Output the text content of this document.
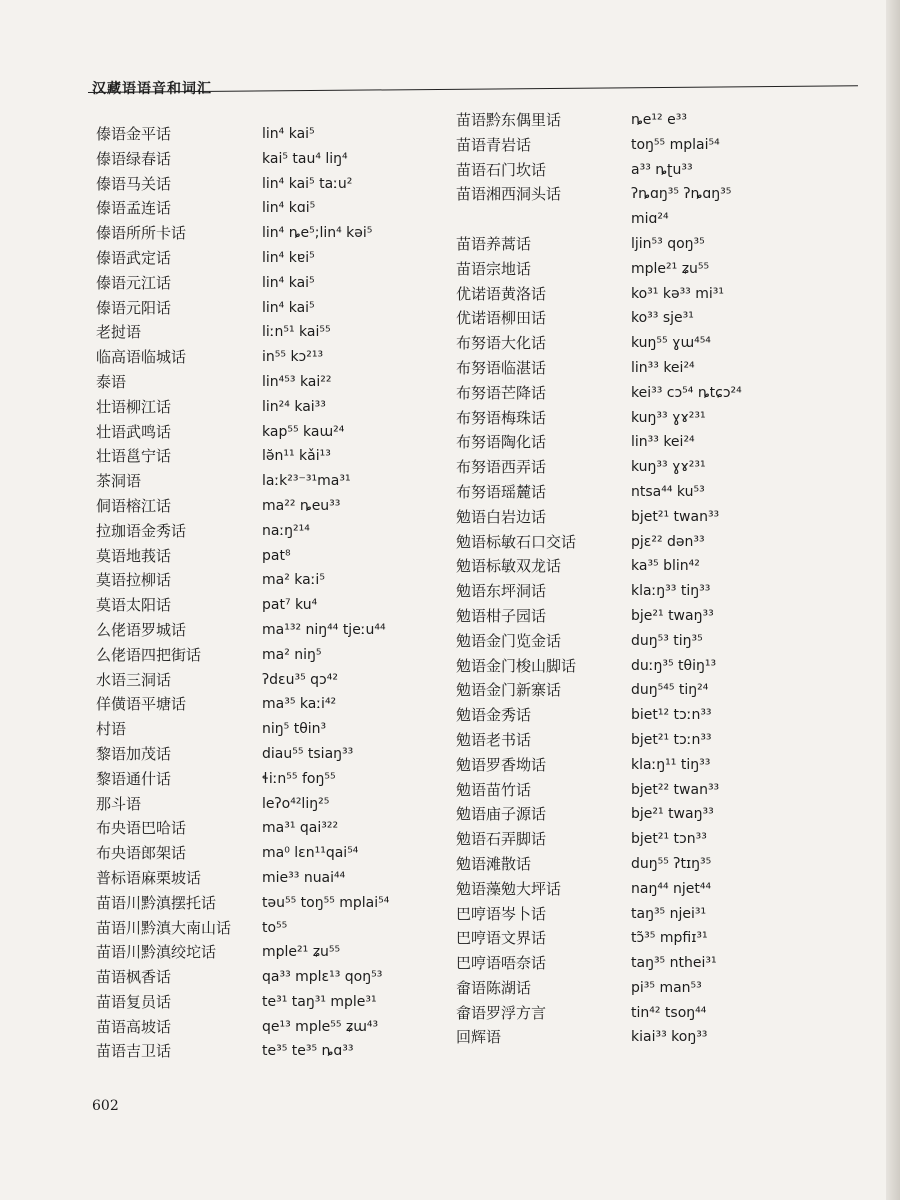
汉藏语语音和词汇
傣语金平话
傣语绿春话
傣语马关话
傣语孟连话
傣语所所卡话
傣语武定话
傣语元江话
傣语元阳话
老挝语
临高语临城话
泰语
壮语柳江话
壮语武鸣话
壮语邕宁话
茶洞语
侗语榕江话
拉珈语金秀话
莫语地莪话
莫语拉柳话
莫语太阳话
么佬语罗城话
么佬语四把街话
水语三洞话
佯僙语平塘话
村语
黎语加茂话
黎语通什话
那斗语
布央语巴哈话
布央语郎架话
普标语麻栗坡话
苗语川黔滇摆托话
苗语川黔滇大南山话
苗语川黔滇绞坨话
苗语枫香话
苗语复员话
苗语高坡话
苗语吉卫话
lin⁴ kai⁵
kai⁵ tau⁴ liŋ⁴
lin⁴ kai⁵ taːu²
lin⁴ kɑi⁵
lin⁴ ȵe⁵;lin⁴ kəi⁵
lin⁴ kɐi⁵
lin⁴ kai⁵
lin⁴ kai⁵
liːn⁵¹ kai⁵⁵
in⁵⁵ kɔ²¹³
lin⁴⁵³ kai²²
lin²⁴ kai³³
kap⁵⁵ kaɯ²⁴
lə̆n¹¹ kǎi¹³
laːk²³⁻³¹ma³¹
ma²² ȵeu³³
naːŋ²¹⁴
pat⁸
ma² kaːi⁵
pat⁷ ku⁴
ma¹³² niŋ⁴⁴ tjeːu⁴⁴
ma² niŋ⁵
ʔdɛu³⁵ qɔ⁴²
ma³⁵ kaːi⁴²
niŋ⁵ tθin³
diau⁵⁵ tsiaŋ³³
ɬiːn⁵⁵ foŋ⁵⁵
leʔo⁴²liŋ²⁵
ma³¹ qai³²²
ma⁰ lɛn¹¹qai⁵⁴
mie³³ nuai⁴⁴
tǝu⁵⁵ toŋ⁵⁵ mplai⁵⁴
to⁵⁵
mple²¹ ʑu⁵⁵
qa³³ mplɛ¹³ qoŋ⁵³
te³¹ taŋ³¹ mple³¹
qe¹³ mple⁵⁵ ʑɯ⁴³
te³⁵ te³⁵ ȵɑ³³
苗语黔东偶里话
苗语青岩话
苗语石门坎话
苗语湘西洞头话
苗语养蒿话
苗语宗地话
优诺语黄洛话
优诺语柳田话
布努语大化话
布努语临湛话
布努语芒降话
布努语梅珠话
布努语陶化话
布努语西弄话
布努语瑶麓话
勉语白岩边话
勉语标敏石口交话
勉语标敏双龙话
勉语东坪洞话
勉语柑子园话
勉语金门览金话
勉语金门梭山脚话
勉语金门新寨话
勉语金秀话
勉语老书话
勉语罗香坳话
勉语苗竹话
勉语庙子源话
勉语石弄脚话
勉语滩散话
勉语藻勉大坪话
巴哼语岑卜话
巴哼语文界话
巴哼语唔奈话
畲语陈湖话
畲语罗浮方言
回辉语
ȵe¹² e³³
toŋ⁵⁵ mplai⁵⁴
a³³ ȵʈu³³
ʔȵɑŋ³⁵ ʔȵɑŋ³⁵
miɑ²⁴
ljin⁵³ qoŋ³⁵
mple²¹ ʑu⁵⁵
ko³¹ kə³³ mi³¹
ko³³ sje³¹
kuŋ⁵⁵ ɣɯ⁴⁵⁴
lin³³ kei²⁴
kei³³ cɔ⁵⁴ ȵtɕɔ²⁴
kuŋ³³ ɣɤ²³¹
lin³³ kei²⁴
kuŋ³³ ɣɤ²³¹
ntsa⁴⁴ ku⁵³
bjet²¹ twan³³
pjɛ²² dən³³
ka³⁵ blin⁴²
klaːŋ³³ tiŋ³³
bje²¹ twaŋ³³
duŋ⁵³ tiŋ³⁵
duːŋ³⁵ tθiŋ¹³
duŋ⁵⁴⁵ tiŋ²⁴
biet¹² tɔːn³³
bjet²¹ tɔːn³³
klaːŋ¹¹ tiŋ³³
bjet²² twan³³
bje²¹ twaŋ³³
bjet²¹ tɔn³³
duŋ⁵⁵ ʔtɪŋ³⁵
naŋ⁴⁴ njet⁴⁴
taŋ³⁵ njei³¹
tɔ̃³⁵ mpfiɪ³¹
taŋ³⁵ nthei³¹
pi³⁵ man⁵³
tin⁴² tsoŋ⁴⁴
kiai³³ koŋ³³
602
